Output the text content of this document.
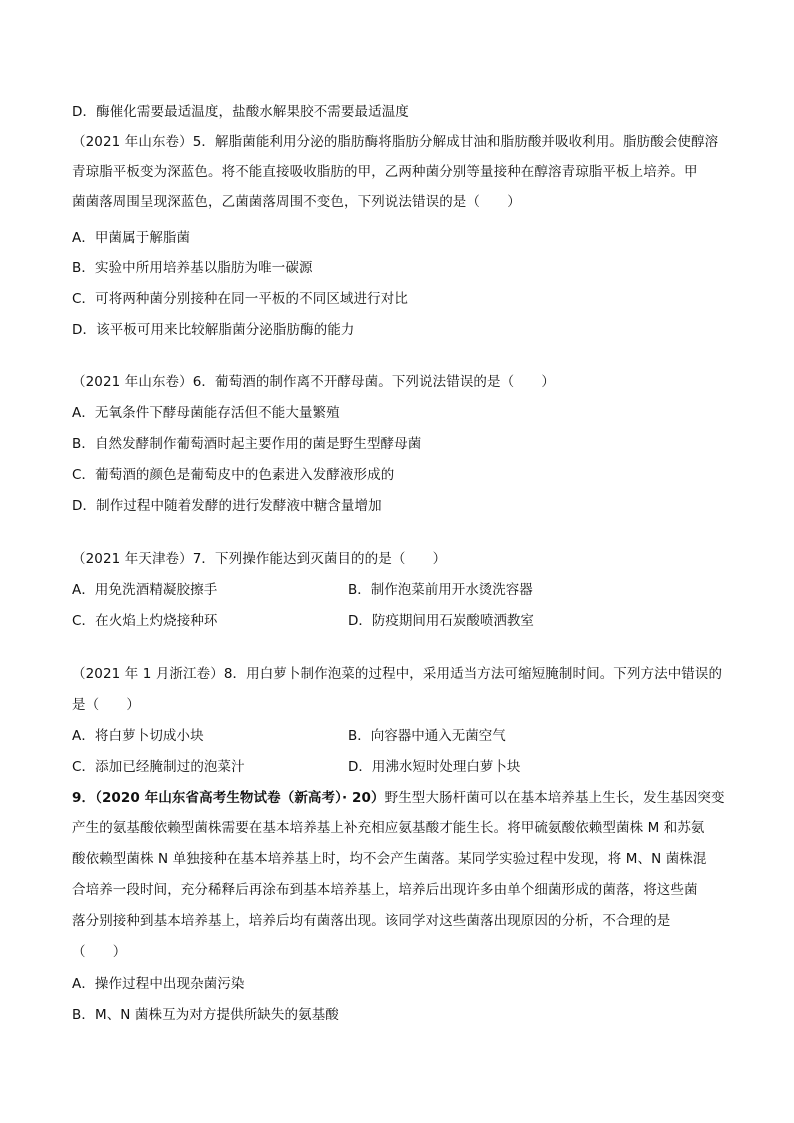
D．酶催化需要最适温度，盐酸水解果胶不需要最适温度
（2021 年山东卷）5．解脂菌能利用分泌的脂肪酶将脂肪分解成甘油和脂肪酸并吸收利用。脂肪酸会使醇溶
青琼脂平板变为深蓝色。将不能直接吸收脂肪的甲，乙两种菌分别等量接种在醇溶青琼脂平板上培养。甲
菌菌落周围呈现深蓝色，乙菌菌落周围不变色，下列说法错误的是（　　）
A．甲菌属于解脂菌
B．实验中所用培养基以脂肪为唯一碳源
C．可将两种菌分别接种在同一平板的不同区域进行对比
D．该平板可用来比较解脂菌分泌脂肪酶的能力
（2021 年山东卷）6．葡萄酒的制作离不开酵母菌。下列说法错误的是（　　）
A．无氧条件下酵母菌能存活但不能大量繁殖
B．自然发酵制作葡萄酒时起主要作用的菌是野生型酵母菌
C．葡萄酒的颜色是葡萄皮中的色素进入发酵液形成的
D．制作过程中随着发酵的进行发酵液中糖含量增加
（2021 年天津卷）7．下列操作能达到灭菌目的的是（　　）
A．用免洗酒精凝胶擦手	B．制作泡菜前用开水烫洗容器
C．在火焰上灼烧接种环	D．防疫期间用石炭酸喷洒教室
（2021 年 1 月浙江卷）8．用白萝卜制作泡菜的过程中，采用适当方法可缩短腌制时间。下列方法中错误的
是（　　）
A．将白萝卜切成小块	B．向容器中通入无菌空气
C．添加已经腌制过的泡菜汁	D．用沸水短时处理白萝卜块
9．（2020 年山东省高考生物试卷（新高考）· 20）野生型大肠杆菌可以在基本培养基上生长，发生基因突变
产生的氨基酸依赖型菌株需要在基本培养基上补充相应氨基酸才能生长。将甲硫氨酸依赖型菌株 M 和苏氨
酸依赖型菌株 N 单独接种在基本培养基上时，均不会产生菌落。某同学实验过程中发现，将 M、N 菌株混
合培养一段时间，充分稀释后再涂布到基本培养基上，培养后出现许多由单个细菌形成的菌落，将这些菌
落分别接种到基本培养基上，培养后均有菌落出现。该同学对这些菌落出现原因的分析，不合理的是
（　　）
A．操作过程中出现杂菌污染
B．M、N 菌株互为对方提供所缺失的氨基酸
